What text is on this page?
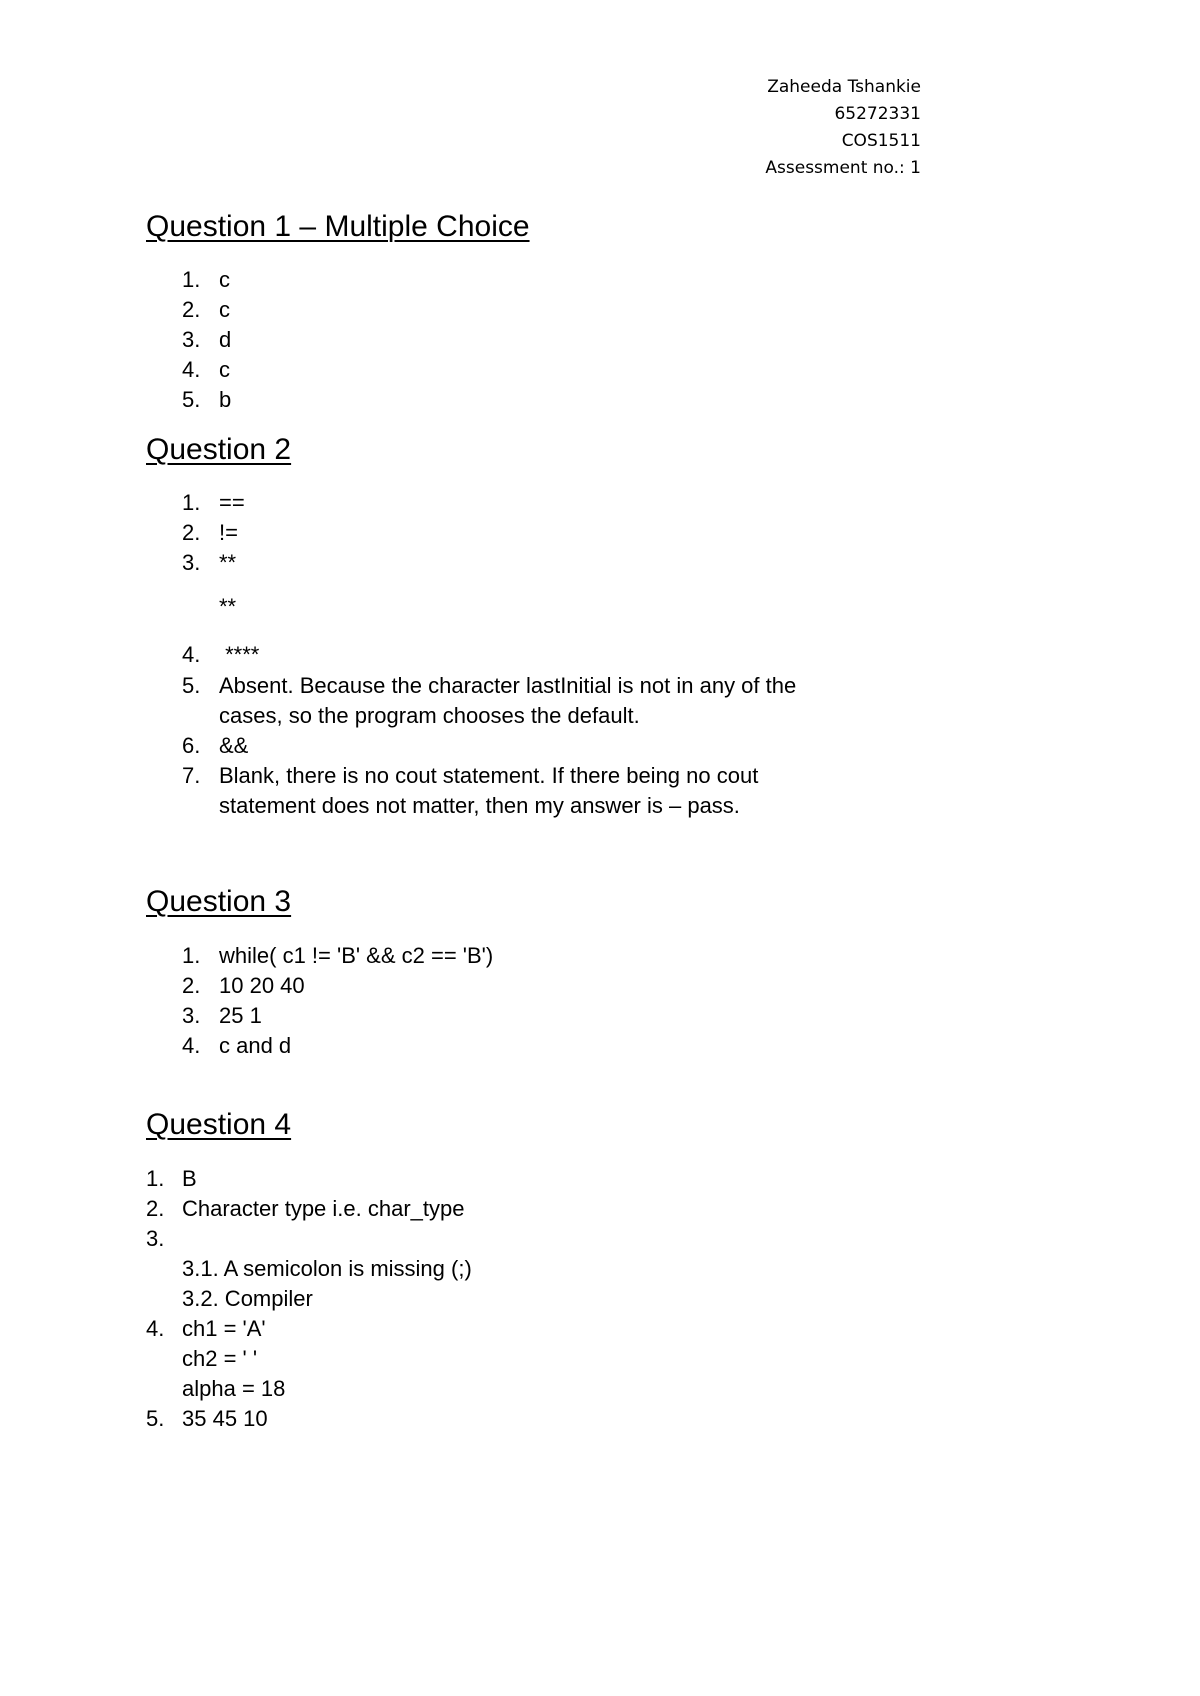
Zaheeda Tshankie
65272331
COS1511
Assessment no.: 1
Question 1 – Multiple Choice
1. c
2. c
3. d
4. c
5. b
Question 2
1. ==
2. !=
3. **
**
4. ****
5. Absent. Because the character lastInitial is not in any of the
cases, so the program chooses the default.
6. &&
7. Blank, there is no cout statement. If there being no cout
statement does not matter, then my answer is – pass.
Question 3
1. while( c1 != 'B' && c2 == 'B')
2. 10 20 40
3. 25 1
4. c and d
Question 4
1. B
2. Character type i.e. char_type
3.
3.1. A semicolon is missing (;)
3.2. Compiler
4. ch1 = 'A'
ch2 = ' '
alpha = 18
5. 35 45 10
